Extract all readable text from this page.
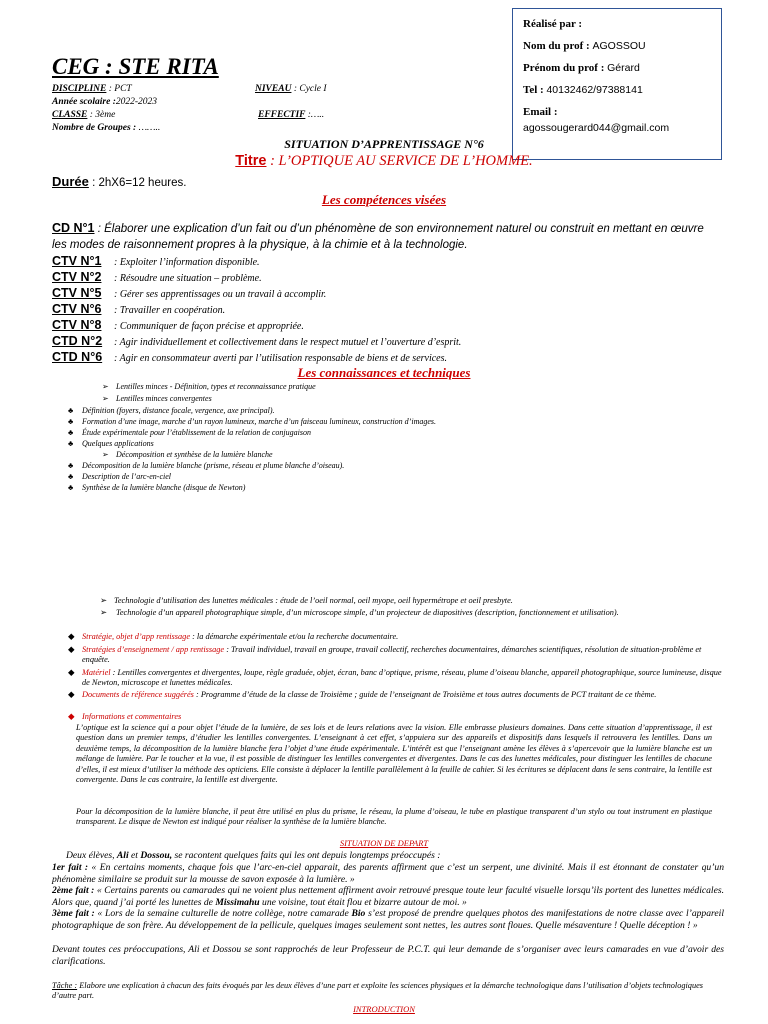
Réalisé par :
Nom du prof : AGOSSOU
Prénom du prof : Gérard
Tel : 40132462/97388141
Email :
agossougerard044@gmail.com
CEG : STE RITA
DISCIPLINE : PCT	NIVEAU : Cycle I
Année scolaire :2022-2023
CLASSE : 3ème	EFFECTIF :…..
Nombre de Groupes : ……..
SITUATION D’APPRENTISSAGE N°6
Titre : L’OPTIQUE AU SERVICE DE L’HOMME.
Durée : 2hX6=12 heures.
Les compétences visées
CD N°1 : Élaborer une explication d’un fait ou d’un phénomène de son environnement naturel ou construit en mettant en œuvre les modes de raisonnement propres à la physique, à la chimie et à la technologie.
CTV N°1 : Exploiter l’information disponible.
CTV N°2 : Résoudre une situation – problème.
CTV N°5 : Gérer ses apprentissages ou un travail à accomplir.
CTV N°6 : Travailler en coopération.
CTV N°8 : Communiquer de façon précise et appropriée.
CTD N°2 : Agir individuellement et collectivement dans le respect mutuel et l’ouverture d’esprit.
CTD N°6 : Agir en consommateur averti par l’utilisation responsable de biens et de services.
Les connaissances et techniques
➢ Lentilles minces - Définition, types et reconnaissance pratique
➢ Lentilles minces convergentes
♣ Définition (foyers, distance focale, vergence, axe principal).
♣ Formation d’une image, marche d’un rayon lumineux, marche d’un faisceau lumineux, construction d’images.
♣ Étude expérimentale pour l’établissement de la relation de conjugaison
♣ Quelques applications
➢ Décomposition et synthèse de la lumière blanche
♣ Décomposition de la lumière blanche (prisme, réseau et plume blanche d’oiseau).
♣ Description de l’arc-en-ciel
♣ Synthèse de la lumière blanche (disque de Newton)
➢ Technologie d’utilisation des lunettes médicales : étude de l’oeil normal, oeil myope, oeil hypermétrope et oeil presbyte.
➢ Technologie d’un appareil photographique simple, d’un microscope simple, d’un projecteur de diapositives (description, fonctionnement et utilisation).
◆ Stratégie, objet d’app rentissage : la démarche expérimentale et/ou la recherche documentaire.
◆ Stratégies d’enseignement / app rentissage : Travail individuel, travail en groupe, travail collectif, recherches documentaires, démarches scientifiques, résolution de situation-problème et enquête.
◆ Matériel : Lentilles convergentes et divergentes, loupe, règle graduée, objet, écran, banc d’optique, prisme, réseau, plume d’oiseau blanche, appareil photographique, source lumineuse, disque de Newton, microscope et lunettes médicales.
◆ Documents de référence suggérés : Programme d’étude de la classe de Troisième ; guide de l’enseignant de Troisième et tous autres documents de PCT traitant de ce thème.
◆ Informations et commentaires
L’optique est la science qui a pour objet l’étude de la lumière, de ses lois et de leurs relations avec la vision. Elle embrasse plusieurs domaines. Dans cette situation d’apprentissage, il est question dans un premier temps, d’étudier les lentilles convergentes. L’enseignant à cet effet, s’appuiera sur des appareils et dispositifs dans lesquels il retrouvera les lentilles. Dans un deuxième temps, la décomposition de la lumière blanche fera l’objet d’une étude expérimentale. L’intérêt est que l’enseignant amène les élèves à s’apercevoir que la lumière blanche est un mélange de lumière. Par le toucher et la vue, il est possible de distinguer les lentilles convergentes et divergentes. Dans le cas des lunettes médicales, pour distinguer les lentilles de chacune d’elles, il est mieux d’utiliser la méthode des opticiens. Elle consiste à déplacer la lentille parallèlement à la feuille de cahier. Si les écritures se déplacent dans le sens contraire, la lentille est convergente. Dans le cas contraire, la lentille est divergente.
Pour la décomposition de la lumière blanche, il peut être utilisé en plus du prisme, le réseau, la plume d’oiseau, le tube en plastique transparent d’un stylo ou tout instrument en plastique transparent. Le disque de Newton est indiqué pour réaliser la synthèse de la lumière blanche.
SITUATION DE DEPART
Deux élèves, Ali et Dossou, se racontent quelques faits qui les ont depuis longtemps préoccupés :
1er fait : « En certains moments, chaque fois que l’arc-en-ciel apparait, des parents affirment que c’est un serpent, une divinité. Mais il est étonnant de constater qu’un phénomène similaire se produit sur la mousse de savon exposée à la lumière. »
2ème fait : « Certains parents ou camarades qui ne voient plus nettement affirment avoir retrouvé presque toute leur faculté visuelle lorsqu’ils portent des lunettes médicales. Alors que, quand j’ai porté les lunettes de Missimahu une voisine, tout était flou et bizarre autour de moi. »
3ème fait : « Lors de la semaine culturelle de notre collège, notre camarade Bio s’est proposé de prendre quelques photos des manifestations de notre classe avec l’appareil photographique de son frère. Au développement de la pellicule, quelques images seulement sont nettes, les autres sont floues. Quelle mésaventure ! Quelle déception ! »
Devant toutes ces préoccupations, Ali et Dossou se sont rapprochés de leur Professeur de P.C.T. qui leur demande de s’organiser avec leurs camarades en vue d’avoir des clarifications.
Tâche : Elabore une explication à chacun des faits évoqués par les deux élèves d’une part et exploite les sciences physiques et la démarche technologique dans l’utilisation d’objets technologiques d’autre part.
INTRODUCTION
